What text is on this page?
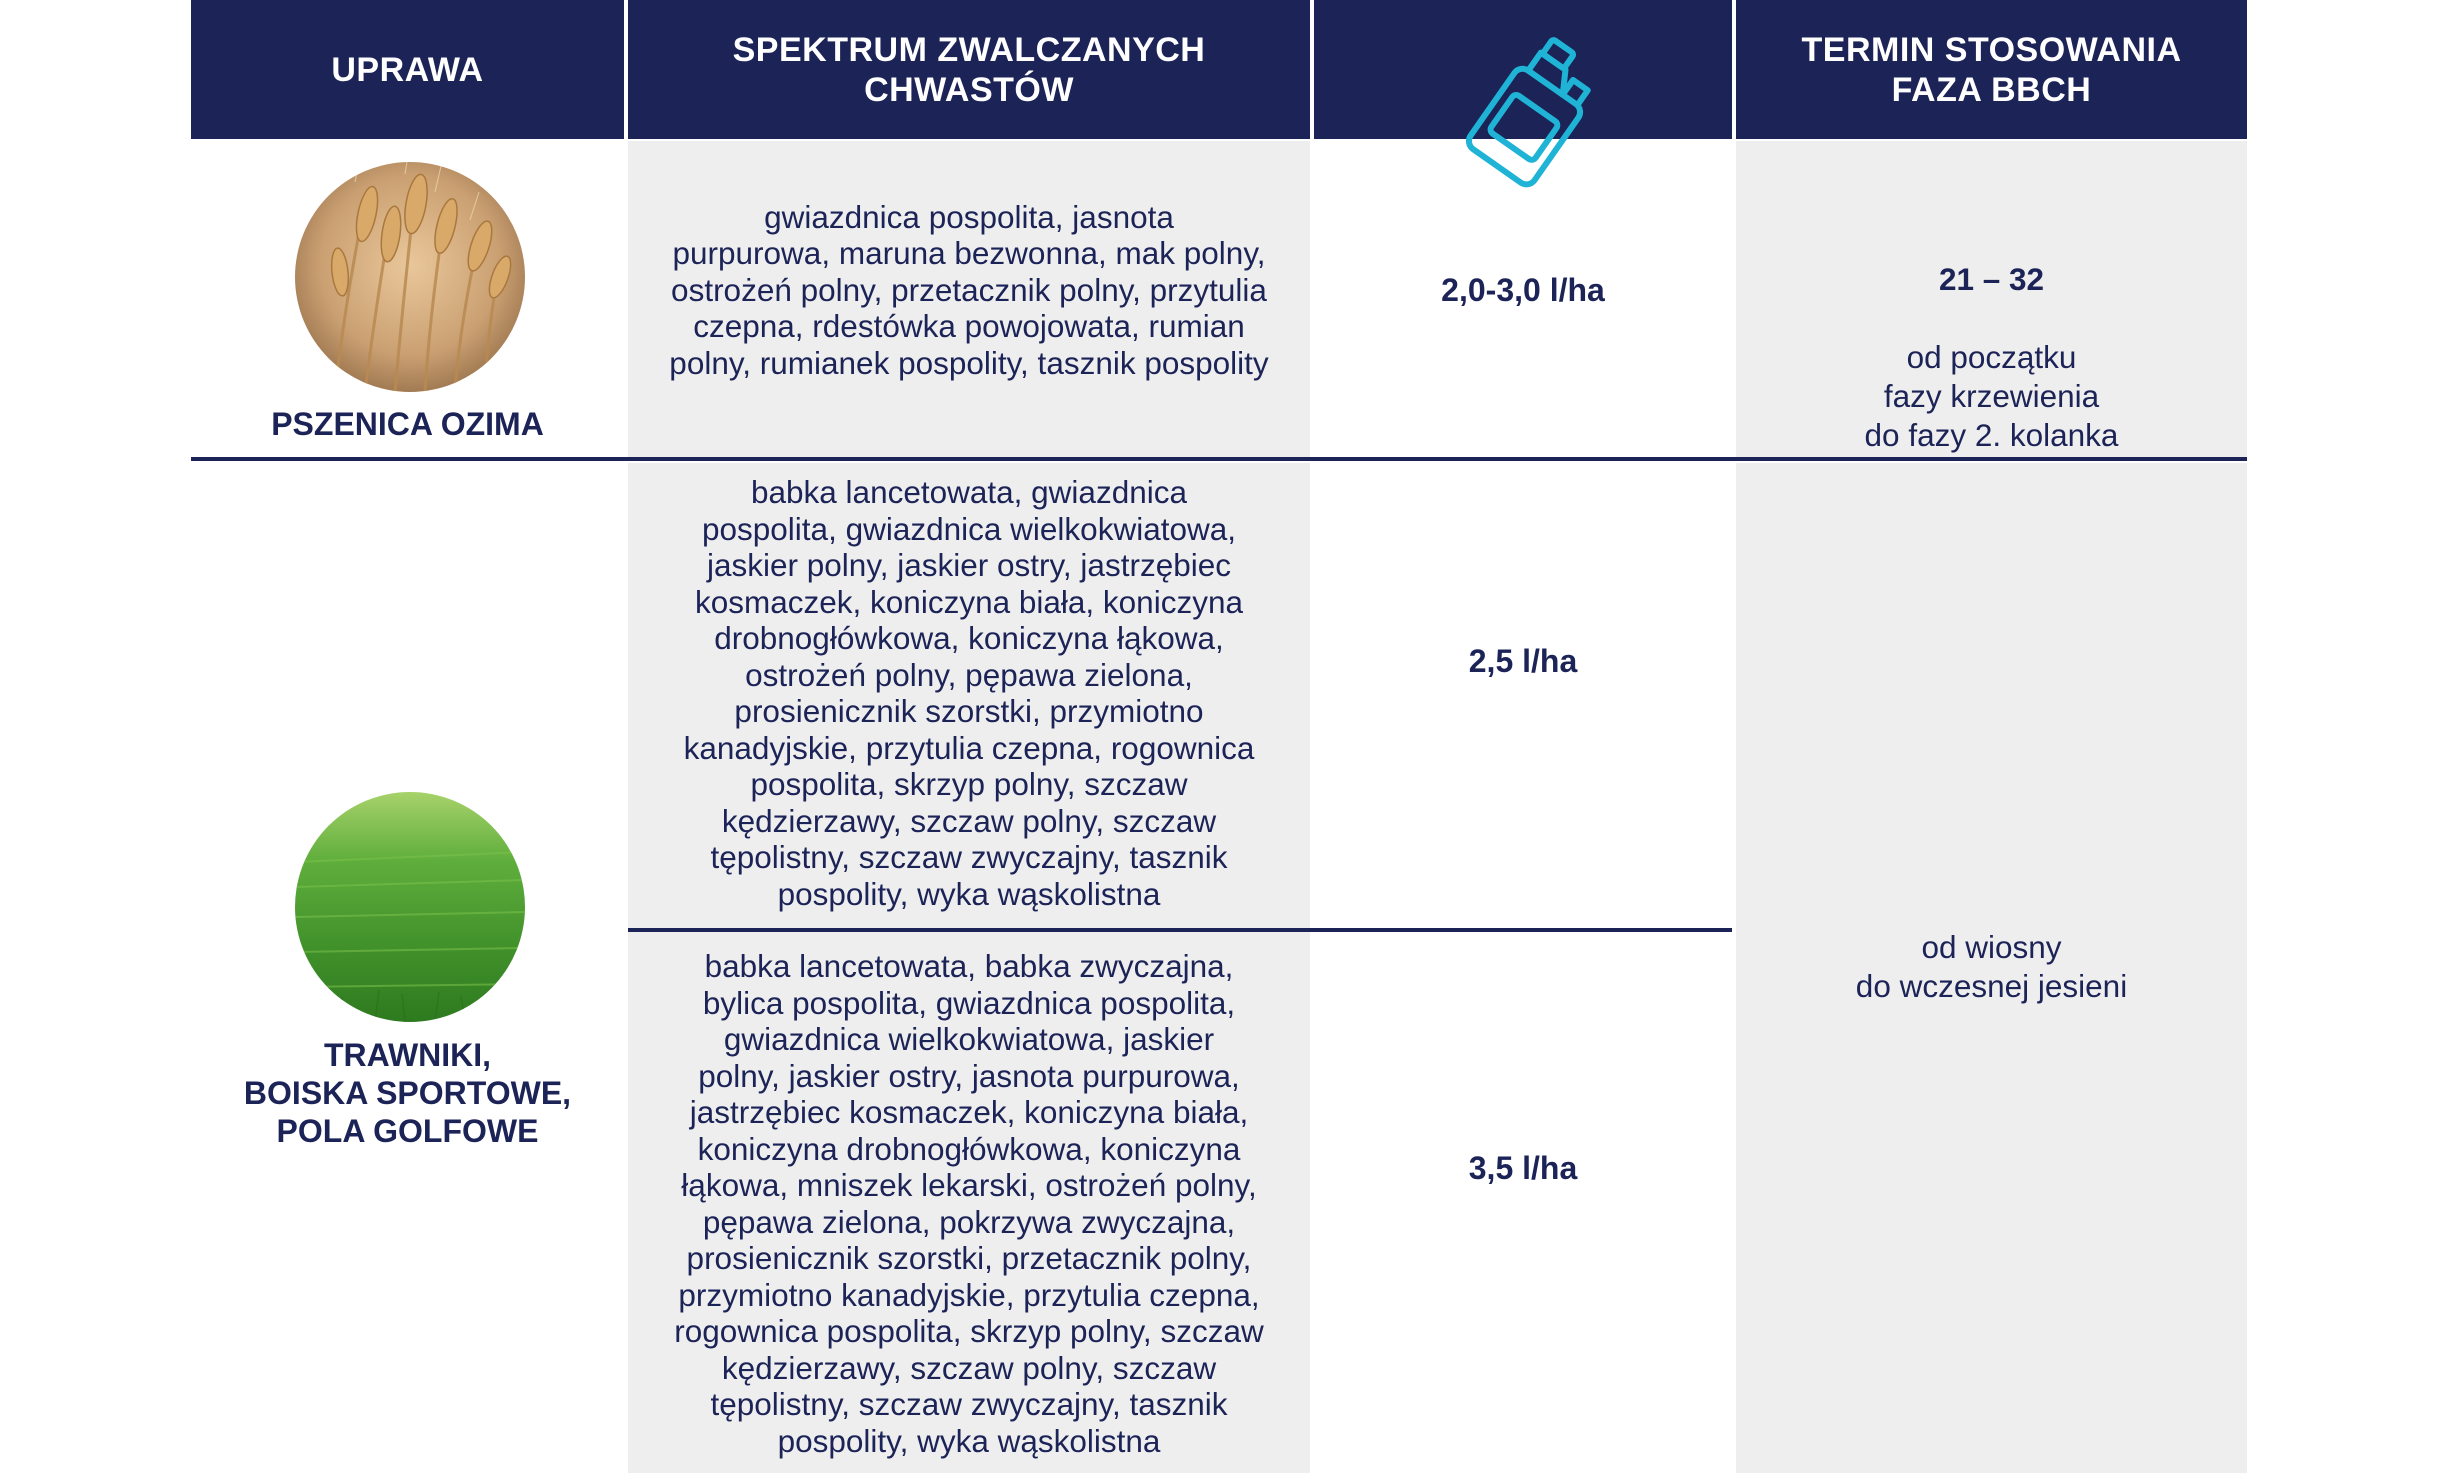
UPRAWA
SPEKTRUM ZWALCZANYCH
CHWASTÓW
TERMIN STOSOWANIA
FAZA BBCH
PSZENICA OZIMA
gwiazdnica pospolita, jasnota
purpurowa, maruna bezwonna, mak polny,
ostrożeń polny, przetacznik polny, przytulia
czepna, rdestówka powojowata, rumian
polny, rumianek pospolity, tasznik pospolity
2,0-3,0 l/ha	21 – 32

od początku
fazy krzewienia
do fazy 2. kolanka

TRAWNIKI,
BOISKA SPORTOWE,
POLA GOLFOWE
babka lancetowata, gwiazdnica
pospolita, gwiazdnica wielkokwiatowa,
jaskier polny, jaskier ostry, jastrzębiec
kosmaczek, koniczyna biała, koniczyna
drobnogłówkowa, koniczyna łąkowa,
ostrożeń polny, pępawa zielona,
prosienicznik szorstki, przymiotno
kanadyjskie, przytulia czepna, rogownica
pospolita, skrzyp polny, szczaw
kędzierzawy, szczaw polny, szczaw
tępolistny, szczaw zwyczajny, tasznik
pospolity, wyka wąskolistna
2,5 l/ha
babka lancetowata, babka zwyczajna,
bylica pospolita, gwiazdnica pospolita,
gwiazdnica wielkokwiatowa, jaskier
polny, jaskier ostry, jasnota purpurowa,
jastrzębiec kosmaczek, koniczyna biała,
koniczyna drobnogłówkowa, koniczyna
łąkowa, mniszek lekarski, ostrożeń polny,
pępawa zielona, pokrzywa zwyczajna,
prosienicznik szorstki, przetacznik polny,
przymiotno kanadyjskie, przytulia czepna,
rogownica pospolita, skrzyp polny, szczaw
kędzierzawy, szczaw polny, szczaw
tępolistny, szczaw zwyczajny, tasznik
pospolity, wyka wąskolistna
3,5 l/ha
od wiosny
do wczesnej jesieni
